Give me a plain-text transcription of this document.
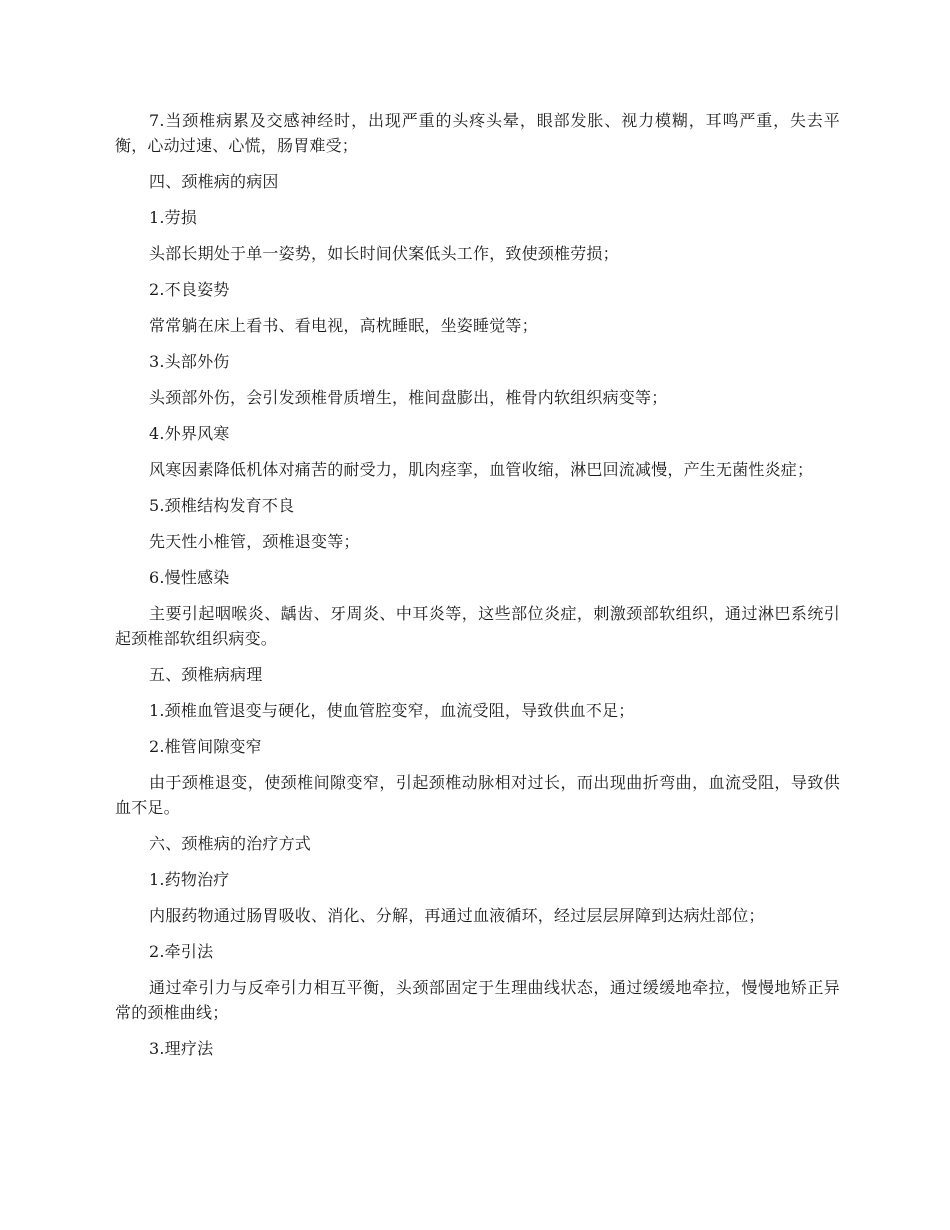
7.当颈椎病累及交感神经时，出现严重的头疼头晕，眼部发胀、视力模糊，耳鸣严重，失去平衡，心动过速、心慌，肠胃难受；

四、颈椎病的病因

1.劳损

头部长期处于单一姿势，如长时间伏案低头工作，致使颈椎劳损；

2.不良姿势

常常躺在床上看书、看电视，高枕睡眠，坐姿睡觉等；

3.头部外伤

头颈部外伤，会引发颈椎骨质增生，椎间盘膨出，椎骨内软组织病变等；

4.外界风寒

风寒因素降低机体对痛苦的耐受力，肌肉痉挛，血管收缩，淋巴回流减慢，产生无菌性炎症；

5.颈椎结构发育不良

先天性小椎管，颈椎退变等；

6.慢性感染

主要引起咽喉炎、龋齿、牙周炎、中耳炎等，这些部位炎症，刺激颈部软组织，通过淋巴系统引起颈椎部软组织病变。

五、颈椎病病理

1.颈椎血管退变与硬化，使血管腔变窄，血流受阻，导致供血不足；

2.椎管间隙变窄

由于颈椎退变，使颈椎间隙变窄，引起颈椎动脉相对过长，而出现曲折弯曲，血流受阻，导致供血不足。

六、颈椎病的治疗方式

1.药物治疗

内服药物通过肠胃吸收、消化、分解，再通过血液循环，经过层层屏障到达病灶部位；

2.牵引法

通过牵引力与反牵引力相互平衡，头颈部固定于生理曲线状态，通过缓缓地牵拉，慢慢地矫正异常的颈椎曲线；

3.理疗法
